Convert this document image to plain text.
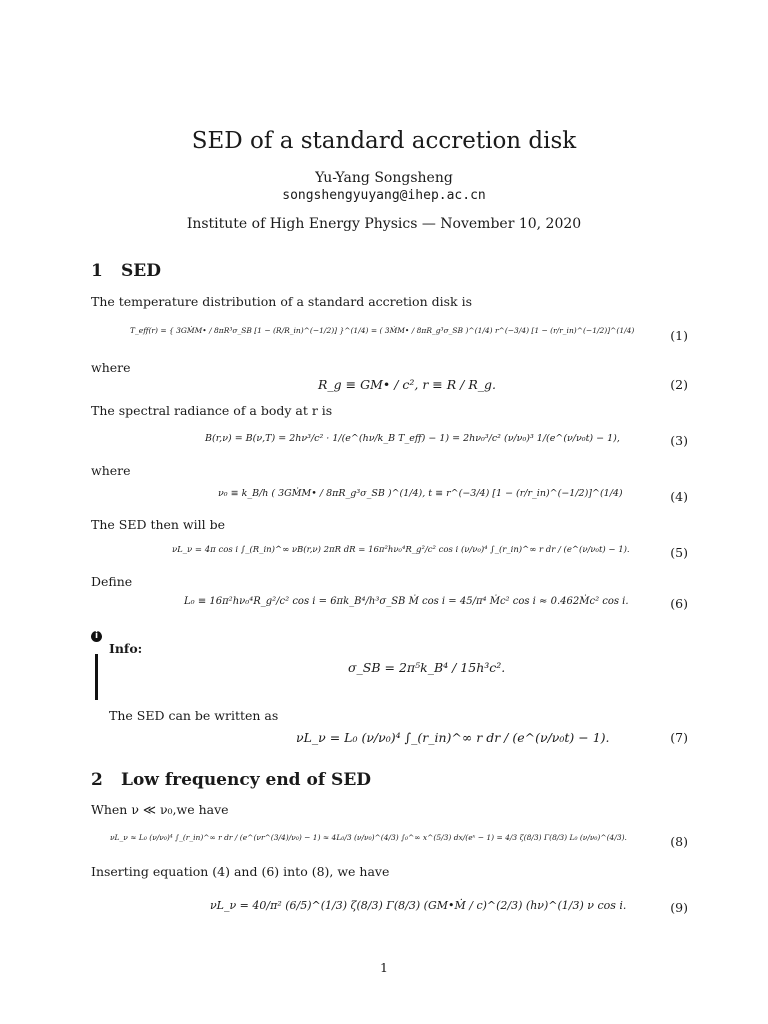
SED of a standard accretion disk
Yu-Yang Songsheng
songshengyuyang@ihep.ac.cn
Institute of High Energy Physics — November 10, 2020
1 SED
The temperature distribution of a standard accretion disk is
T_eff(r) = { 3GṀM• / 8πR³σ_SB [1 − (R/R_in)^(−1/2)] }^(1/4) = ( 3ṀM• / 8πR_g³σ_SB )^(1/4) r^(−3/4) [1 − (r/r_in)^(−1/2)]^(1/4)	(1)
where
R_g ≡ GM• / c², r ≡ R / R_g.	(2)
The spectral radiance of a body at r is
B(r,ν) = B(ν,T) = 2hν³/c² · 1/(e^(hν/k_B T_eff) − 1) = 2hν₀³/c² (ν/ν₀)³ 1/(e^(ν/ν₀t) − 1),	(3)
where
ν₀ ≡ k_B/h ( 3GṀM• / 8πR_g³σ_SB )^(1/4), t ≡ r^(−3/4) [1 − (r/r_in)^(−1/2)]^(1/4)	(4)
The SED then will be
νL_ν = 4π cos i ∫_(R_in)^∞ νB(r,ν) 2πR dR = 16π²hν₀⁴R_g²/c² cos i (ν/ν₀)⁴ ∫_(r_in)^∞ r dr / (e^(ν/ν₀t) − 1).	(5)
Define
L₀ ≡ 16π²hν₀⁴R_g²/c² cos i = 6πk_B⁴/h³σ_SB Ṁ cos i = 45/π⁴ Ṁc² cos i ≈ 0.462Ṁc² cos i.	(6)
i
Info:
σ_SB = 2π⁵k_B⁴ / 15h³c².
The SED can be written as
νL_ν = L₀ (ν/ν₀)⁴ ∫_(r_in)^∞ r dr / (e^(ν/ν₀t) − 1).	(7)
2 Low frequency end of SED
When ν ≪ ν₀,we have
νL_ν ≈ L₀ (ν/ν₀)⁴ ∫_(r_in)^∞ r dr / (e^(νr^(3/4)/ν₀) − 1) ≈ 4L₀/3 (ν/ν₀)^(4/3) ∫₀^∞ x^(5/3) dx/(eˣ − 1) = 4/3 ζ(8/3) Γ(8/3) L₀ (ν/ν₀)^(4/3).	(8)
Inserting equation (4) and (6) into (8), we have
νL_ν = 40/π² (6/5)^(1/3) ζ(8/3) Γ(8/3) (GM•Ṁ / c)^(2/3) (hν)^(1/3) ν cos i.	(9)
1
